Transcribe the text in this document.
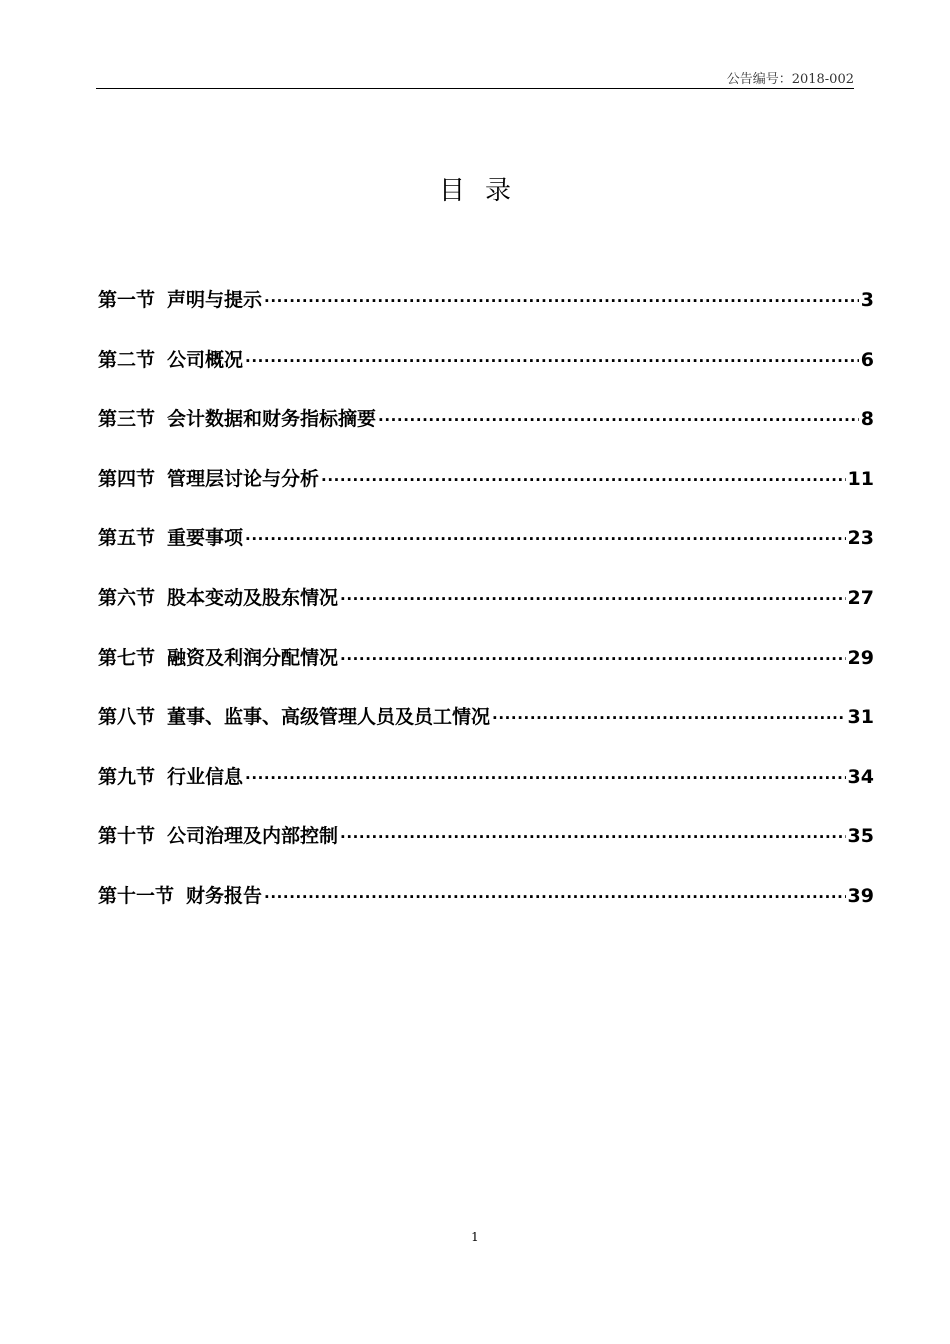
公告编号：2018-002
目录
第一节 声明与提示 .....	3
第二节 公司概况 .....	6
第三节 会计数据和财务指标摘要 .....	8
第四节 管理层讨论与分析 .....	11
第五节 重要事项 .....	23
第六节 股本变动及股东情况 .....	27
第七节 融资及利润分配情况 .....	29
第八节 董事、监事、高级管理人员及员工情况 .....	31
第九节 行业信息 .....	34
第十节 公司治理及内部控制 .....	35
第十一节 财务报告 .....	39
1
